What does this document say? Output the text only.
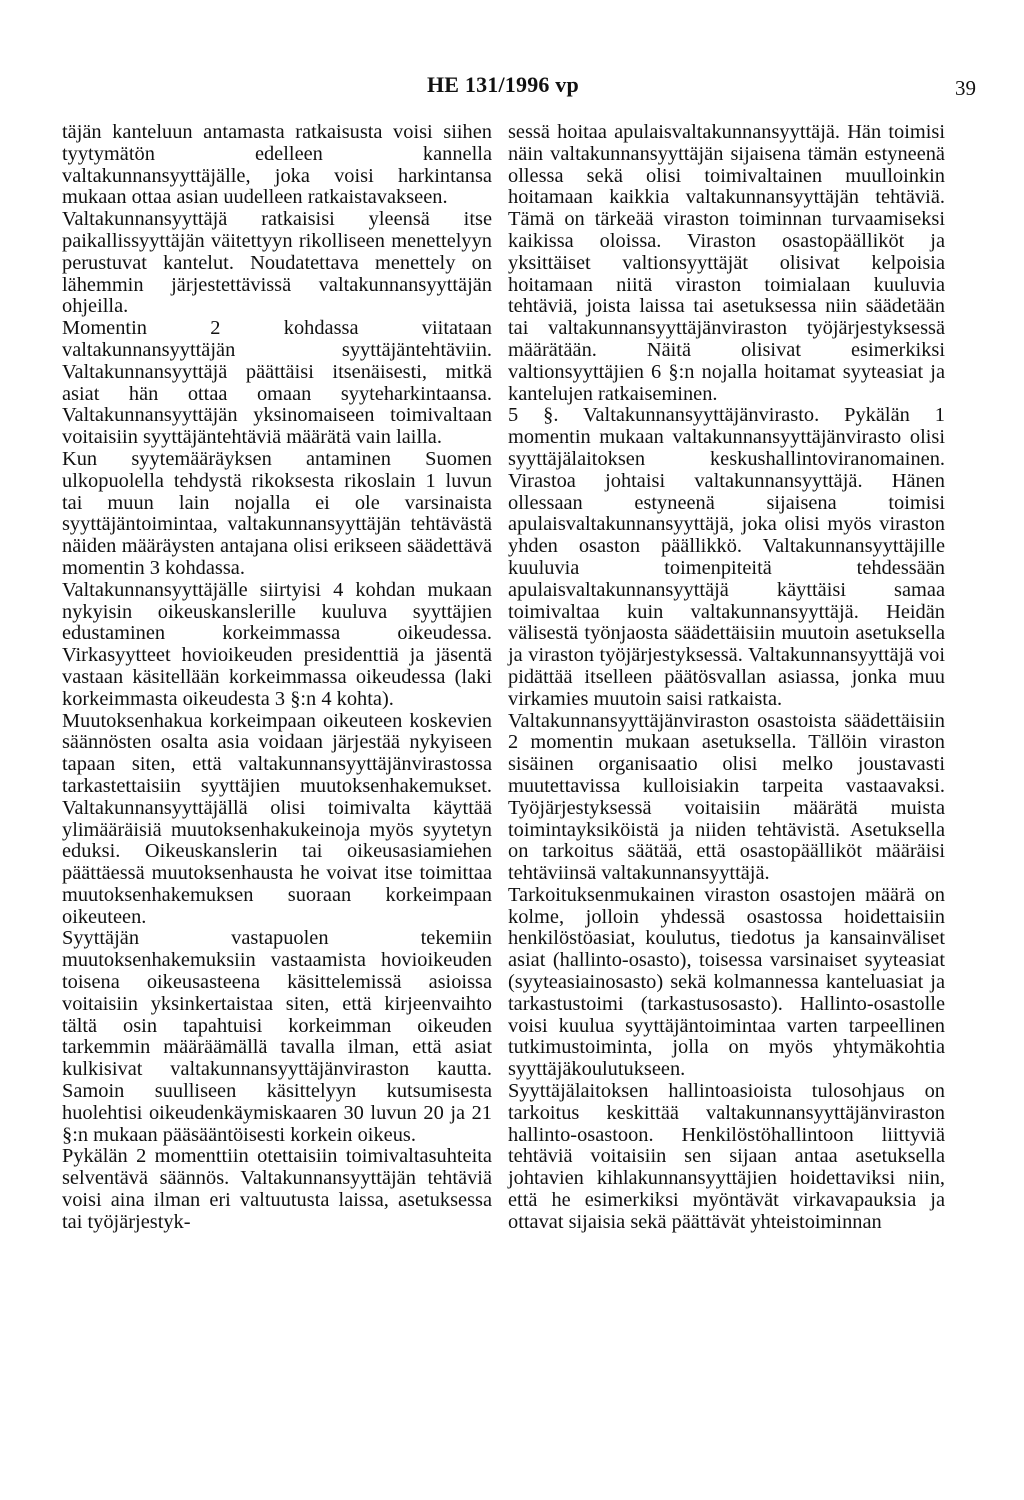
HE 131/1996 vp	39

täjän kanteluun antamasta ratkaisusta voisi siihen tyytymätön edelleen kannella valtakunnansyyttäjälle, joka voisi harkintansa mukaan ottaa asian uudelleen ratkaistavakseen.

Valtakunnansyyttäjä ratkaisisi yleensä itse paikallissyyttäjän väitettyyn rikolliseen menettelyyn perustuvat kantelut. Noudatettava menettely on lähemmin järjestettävissä valtakunnansyyttäjän ohjeilla.

Momentin 2 kohdassa viitataan valtakunnansyyttäjän syyttäjäntehtäviin. Valtakunnansyyttäjä päättäisi itsenäisesti, mitkä asiat hän ottaa omaan syyteharkintaansa. Valtakunnansyyttäjän yksinomaiseen toimivaltaan voitaisiin syyttäjäntehtäviä määrätä vain laillа.

Kun syytemääräyksen antaminen Suomen ulkopuolella tehdystä rikoksesta rikoslain 1 luvun tai muun lain nojalla ei ole varsinaista syyttäjäntoimintaa, valtakunnansyyttäjän tehtävästä näiden määräysten antajana olisi erikseen säädettävä momentin 3 kohdassa.

Valtakunnansyyttäjälle siirtyisi 4 kohdan mukaan nykyisin oikeuskanslerille kuuluva syyttäjien edustaminen korkeimmassa oikeudessa. Virkasyytteet hovioikeuden presidenttiä ja jäsentä vastaan käsitellään korkeimmassa oikeudessa (laki korkeimmasta oikeudesta 3 §:n 4 kohta).

Muutoksenhakua korkeimpaan oikeuteen koskevien säännösten osalta asia voidaan järjestää nykyiseen tapaan siten, että valtakunnansyyttäjänvirastossa tarkastettaisiin syyttäjien muutoksenhakemukset. Valtakunnansyyttäjällä olisi toimivalta käyttää ylimääräisiä muutoksenhakukeinoja myös syytetyn eduksi. Oikeuskanslerin tai oikeusasiamiehen päättäessä muutoksenhausta he voivat itse toimittaa muutoksenhakemuksen suoraan korkeimpaan oikeuteen.

Syyttäjän vastapuolen tekemiin muutoksenhakemuksiin vastaamista hovioikeuden toisena oikeusasteena käsittelemissä asioissa voitaisiin yksinkertaistaa siten, että kirjeenvaihto tältä osin tapahtuisi korkeimman oikeuden tarkemmin määräämällä tavalla ilman, että asiat kulkisivat valtakunnansyyttäjänviraston kautta. Samoin suulliseen käsittelyyn kutsumisesta huolehtisi oikeudenkäymiskaaren 30 luvun 20 ja 21 §:n mukaan pääsääntöisesti korkein oikeus.

Pykälän 2 momenttiin otettaisiin toimivaltasuhteita selventävä säännös. Valtakunnansyyttäjän tehtäviä voisi aina ilman eri valtuutusta laissa, asetuksessa tai työjärjestyk-

sessä hoitaa apulaisvaltakunnansyyttäjä. Hän toimisi näin valtakunnansyyttäjän sijaisena tämän estyneenä ollessa sekä olisi toimivaltainen muulloinkin hoitamaan kaikkia valtakunnansyyttäjän tehtäviä. Tämä on tärkeää viraston toiminnan turvaamiseksi kaikissa oloissa. Viraston osastopäälliköt ja yksittäiset valtionsyyttäjät olisivat kelpoisia hoitamaan niitä viraston toimialaan kuuluvia tehtäviä, joista laissa tai asetuksessa niin säädetään tai valtakunnansyyttäjänviraston työjärjestyksessä määrätään. Näitä olisivat esimerkiksi valtionsyyttäjien 6 §:n nojalla hoitamat syyteasiat ja kantelujen ratkaiseminen.

5 §. Valtakunnansyyttäjänvirasto. Pykälän 1 momentin mukaan valtakunnansyyttäjänvirasto olisi syyttäjälaitoksen keskushallintoviranomainen. Virastoa johtaisi valtakunnansyyttäjä. Hänen ollessaan estyneenä sijaisena toimisi apulaisvaltakunnansyyttäjä, joka olisi myös viraston yhden osaston päällikkö. Valtakunnansyyttäjille kuuluvia toimenpiteitä tehdessään apulaisvaltakunnansyyttäjä käyttäisi samaa toimivaltaa kuin valtakunnansyyttäjä. Heidän välisestä työnjaosta säädettäisiin muutoin asetuksella ja viraston työjärjestyksessä. Valtakunnansyyttäjä voi pidättää itselleen päätösvallan asiassa, jonka muu virkamies muutoin saisi ratkaista.

Valtakunnansyyttäjänviraston osastoista säädettäisiin 2 momentin mukaan asetuksella. Tällöin viraston sisäinen organisaatio olisi melko joustavasti muutettavissa kulloisiakin tarpeita vastaavaksi. Työjärjestyksessä voitaisiin määrätä muista toimintayksiköistä ja niiden tehtävistä. Asetuksella on tarkoitus säätää, että osastopäälliköt määräisi tehtäviinsä valtakunnansyyttäjä.

Tarkoituksenmukainen viraston osastojen määrä on kolme, jolloin yhdessä osastossa hoidettaisiin henkilöstöasiat, koulutus, tiedotus ja kansainväliset asiat (hallinto-osasto), toisessa varsinaiset syyteasiat (syyteasiainosasto) sekä kolmannessa kanteluasiat ja tarkastustoimi (tarkastusosasto). Hallinto-osastolle voisi kuulua syyttäjäntoimintaa varten tarpeellinen tutkimustoiminta, jolla on myös yhtymäkohtia syyttäjäkoulutukseen.

Syyttäjälaitoksen hallintoasioista tulosohjaus on tarkoitus keskittää valtakunnansyyttäjänviraston hallinto-osastoon. Henkilöstöhallintoon liittyviä tehtäviä voitaisiin sen sijaan antaa asetuksella johtavien kihlakunnansyyttäjien hoidettaviksi niin, että he esimerkiksi myöntävät virkavapauksia ja ottavat sijaisia sekä päättävät yhteistoiminnan
